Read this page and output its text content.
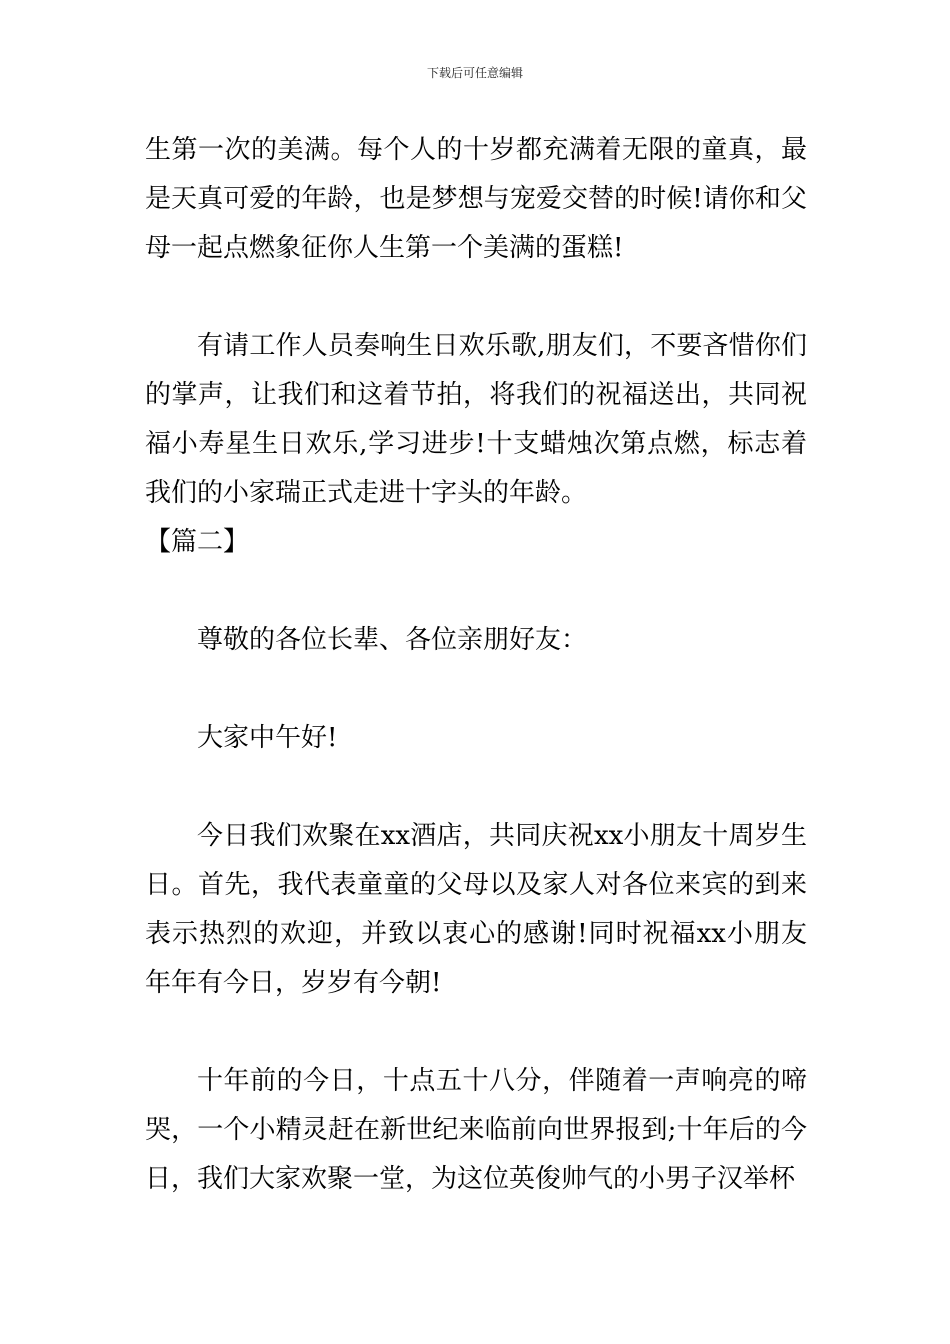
下载后可任意编辑

生第一次的美满。每个人的十岁都充满着无限的童真，最是天真可爱的年龄，也是梦想与宠爱交替的时候!请你和父母一起点燃象征你人生第一个美满的蛋糕!

有请工作人员奏响生日欢乐歌,朋友们，不要吝惜你们的掌声，让我们和这着节拍，将我们的祝福送出，共同祝福小寿星生日欢乐,学习进步!十支蜡烛次第点燃，标志着我们的小家瑞正式走进十字头的年龄。

【篇二】

尊敬的各位长辈、各位亲朋好友：

大家中午好!

今日我们欢聚在xx酒店，共同庆祝xx小朋友十周岁生日。首先，我代表童童的父母以及家人对各位来宾的到来表示热烈的欢迎，并致以衷心的感谢!同时祝福xx小朋友年年有今日，岁岁有今朝!

十年前的今日，十点五十八分，伴随着一声响亮的啼哭，一个小精灵赶在新世纪来临前向世界报到;十年后的今日，我们大家欢聚一堂，为这位英俊帅气的小男子汉举杯
